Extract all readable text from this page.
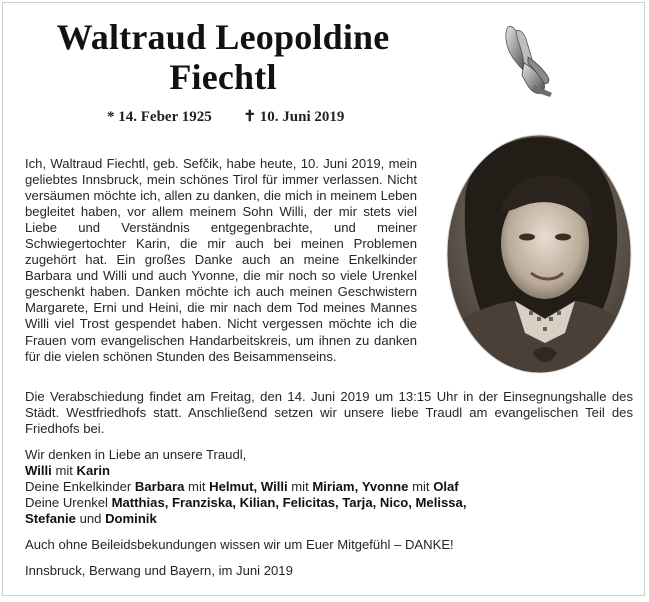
Waltraud Leopoldine
Fiechtl
* 14. Feber 1925 ✝ 10. Juni 2019
Ich, Waltraud Fiechtl, geb. Sefčik, habe heute, 10. Juni 2019, mein geliebtes Innsbruck, mein schönes Tirol für immer verlassen. Nicht versäumen möchte ich, allen zu danken, die mich in meinem Leben begleitet haben, vor allem meinem Sohn Willi, der mir stets viel Liebe und Verständnis entgegenbrachte, und meiner Schwiegertochter Karin, die mir auch bei meinen Problemen zugehört hat. Ein großes Danke auch an meine Enkelkinder Barbara und Willi und auch Yvonne, die mir noch so viele Urenkel geschenkt haben. Danken möchte ich auch meinen Geschwistern Margarete, Erni und Heini, die mir nach dem Tod meines Mannes Willi viel Trost gespendet haben. Nicht vergessen möchte ich die Frauen vom evangelischen Handarbeitskreis, um ihnen zu danken für die vielen schönen Stunden des Beisammenseins.

Die Verabschiedung findet am Freitag, den 14. Juni 2019 um 13:15 Uhr in der Einsegnungshalle des Städt. Westfriedhofs statt. Anschließend setzen wir unsere liebe Traudl am evangelischen Teil des Friedhofs bei.

Wir denken in Liebe an unsere Traudl,
Willi mit Karin
Deine Enkelkinder Barbara mit Helmut, Willi mit Miriam, Yvonne mit Olaf
Deine Urenkel Matthias, Franziska, Kilian, Felicitas, Tarja, Nico, Melissa,
Stefanie und Dominik

Auch ohne Beileidsbekundungen wissen wir um Euer Mitgefühl – DANKE!

Innsbruck, Berwang und Bayern, im Juni 2019
